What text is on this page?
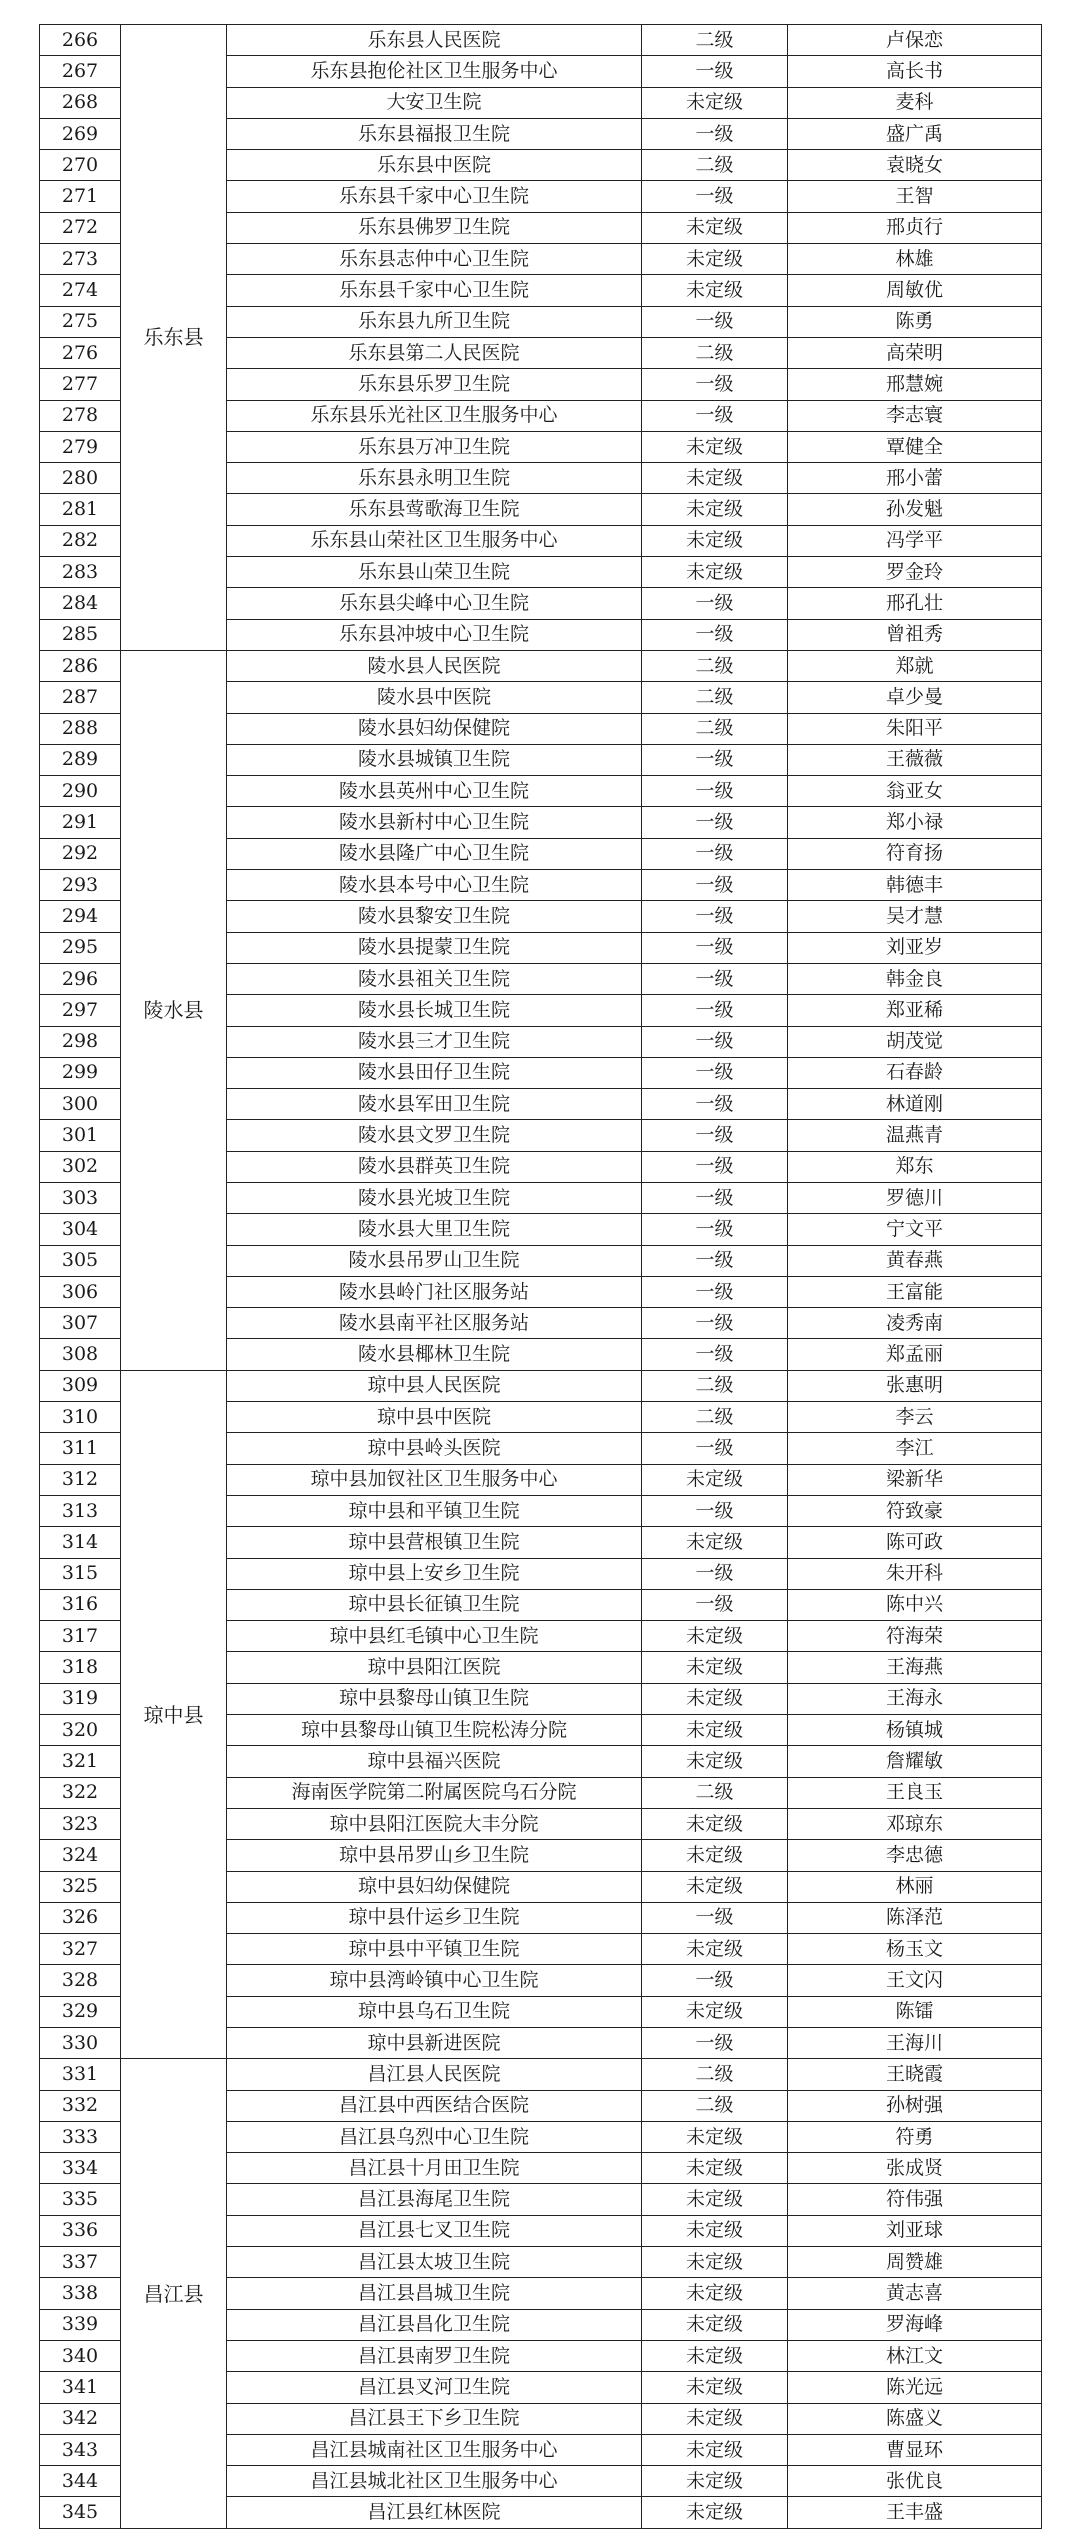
266	乐东县	乐东县人民医院	二级	卢保恋
267		乐东县抱伦社区卫生服务中心	一级	高长书
268		大安卫生院	未定级	麦科
269		乐东县福报卫生院	一级	盛广禹
270		乐东县中医院	二级	袁晓女
271		乐东县千家中心卫生院	一级	王智
272		乐东县佛罗卫生院	未定级	邢贞行
273		乐东县志仲中心卫生院	未定级	林雄
274		乐东县千家中心卫生院	未定级	周敏优
275		乐东县九所卫生院	一级	陈勇
276		乐东县第二人民医院	二级	高荣明
277		乐东县乐罗卫生院	一级	邢慧婉
278		乐东县乐光社区卫生服务中心	一级	李志寰
279		乐东县万冲卫生院	未定级	覃健全
280		乐东县永明卫生院	未定级	邢小蕾
281		乐东县莺歌海卫生院	未定级	孙发魁
282		乐东县山荣社区卫生服务中心	未定级	冯学平
283		乐东县山荣卫生院	未定级	罗金玲
284		乐东县尖峰中心卫生院	一级	邢孔壮
285		乐东县冲坡中心卫生院	一级	曾祖秀
286	陵水县	陵水县人民医院	二级	郑就
287		陵水县中医院	二级	卓少曼
288		陵水县妇幼保健院	二级	朱阳平
289		陵水县城镇卫生院	一级	王薇薇
290		陵水县英州中心卫生院	一级	翁亚女
291		陵水县新村中心卫生院	一级	郑小禄
292		陵水县隆广中心卫生院	一级	符育扬
293		陵水县本号中心卫生院	一级	韩德丰
294		陵水县黎安卫生院	一级	吴才慧
295		陵水县提蒙卫生院	一级	刘亚岁
296		陵水县祖关卫生院	一级	韩金良
297		陵水县长城卫生院	一级	郑亚稀
298		陵水县三才卫生院	一级	胡茂觉
299		陵水县田仔卫生院	一级	石春龄
300		陵水县军田卫生院	一级	林道刚
301		陵水县文罗卫生院	一级	温燕青
302		陵水县群英卫生院	一级	郑东
303		陵水县光坡卫生院	一级	罗德川
304		陵水县大里卫生院	一级	宁文平
305		陵水县吊罗山卫生院	一级	黄春燕
306		陵水县岭门社区服务站	一级	王富能
307		陵水县南平社区服务站	一级	凌秀南
308		陵水县椰林卫生院	一级	郑孟丽
309	琼中县	琼中县人民医院	二级	张惠明
310		琼中县中医院	二级	李云
311		琼中县岭头医院	一级	李江
312		琼中县加钗社区卫生服务中心	未定级	梁新华
313		琼中县和平镇卫生院	一级	符致豪
314		琼中县营根镇卫生院	未定级	陈可政
315		琼中县上安乡卫生院	一级	朱开科
316		琼中县长征镇卫生院	一级	陈中兴
317		琼中县红毛镇中心卫生院	未定级	符海荣
318		琼中县阳江医院	未定级	王海燕
319		琼中县黎母山镇卫生院	未定级	王海永
320		琼中县黎母山镇卫生院松涛分院	未定级	杨镇城
321		琼中县福兴医院	未定级	詹耀敏
322		海南医学院第二附属医院乌石分院	二级	王良玉
323		琼中县阳江医院大丰分院	未定级	邓琼东
324		琼中县吊罗山乡卫生院	未定级	李忠德
325		琼中县妇幼保健院	未定级	林丽
326		琼中县什运乡卫生院	一级	陈泽范
327		琼中县中平镇卫生院	未定级	杨玉文
328		琼中县湾岭镇中心卫生院	一级	王文闪
329		琼中县乌石卫生院	未定级	陈镭
330		琼中县新进医院	一级	王海川
331	昌江县	昌江县人民医院	二级	王晓霞
332		昌江县中西医结合医院	二级	孙树强
333		昌江县乌烈中心卫生院	未定级	符勇
334		昌江县十月田卫生院	未定级	张成贤
335		昌江县海尾卫生院	未定级	符伟强
336		昌江县七叉卫生院	未定级	刘亚球
337		昌江县太坡卫生院	未定级	周赞雄
338		昌江县昌城卫生院	未定级	黄志喜
339		昌江县昌化卫生院	未定级	罗海峰
340		昌江县南罗卫生院	未定级	林江文
341		昌江县叉河卫生院	未定级	陈光远
342		昌江县王下乡卫生院	未定级	陈盛义
343		昌江县城南社区卫生服务中心	未定级	曹显环
344		昌江县城北社区卫生服务中心	未定级	张优良
345		昌江县红林医院	未定级	王丰盛
